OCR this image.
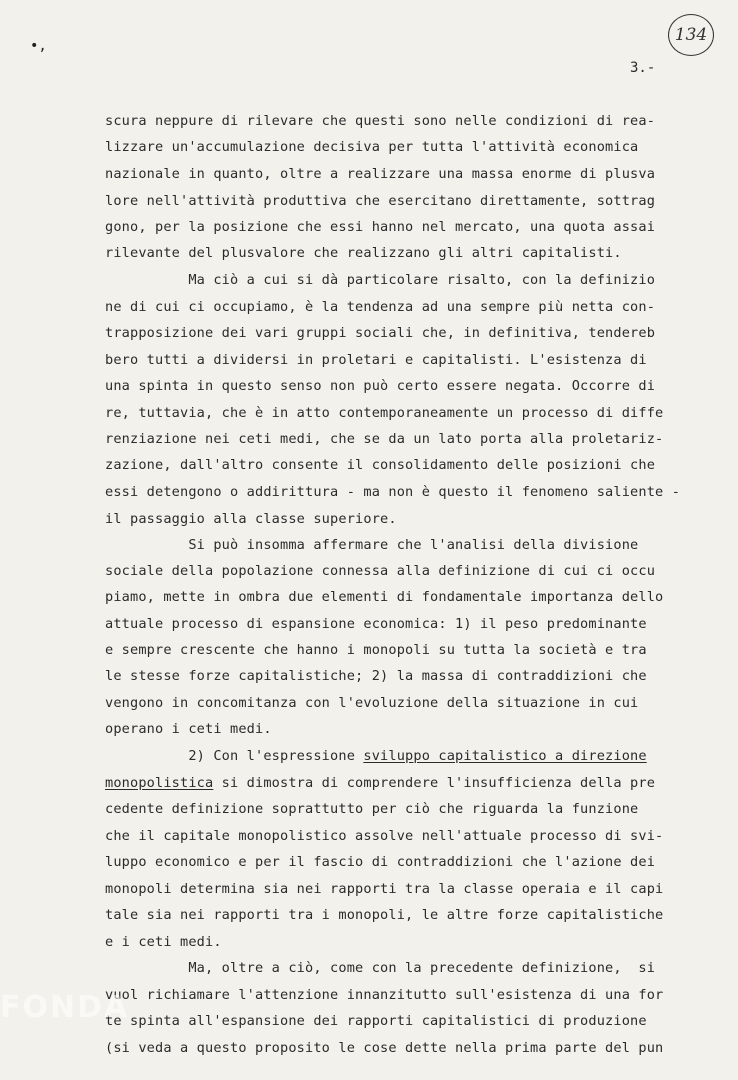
134
•‚
3.-
scura neppure di rilevare che questi sono nelle condizioni di rea-
lizzare un'accumulazione decisiva per tutta l'attività economica
nazionale in quanto, oltre a realizzare una massa enorme di plusva
lore nell'attività produttiva che esercitano direttamente, sottrag
gono, per la posizione che essi hanno nel mercato, una quota assai
rilevante del plusvalore che realizzano gli altri capitalisti.
Ma ciò a cui si dà particolare risalto, con la definizio
ne di cui ci occupiamo, è la tendenza ad una sempre più netta con-
trapposizione dei vari gruppi sociali che, in definitiva, tendereb
bero tutti a dividersi in proletari e capitalisti. L'esistenza di
una spinta in questo senso non può certo essere negata. Occorre di
re, tuttavia, che è in atto contemporaneamente un processo di diffe
renziazione nei ceti medi, che se da un lato porta alla proletariz-
zazione, dall'altro consente il consolidamento delle posizioni che
essi detengono o addirittura - ma non è questo il fenomeno saliente -
il passaggio alla classe superiore.
Si può insomma affermare che l'analisi della divisione
sociale della popolazione connessa alla definizione di cui ci occu
piamo, mette in ombra due elementi di fondamentale importanza dello
attuale processo di espansione economica: 1) il peso predominante
e sempre crescente che hanno i monopoli su tutta la società e tra
le stesse forze capitalistiche; 2) la massa di contraddizioni che
vengono in concomitanza con l'evoluzione della situazione in cui
operano i ceti medi.
2) Con l'espressione sviluppo capitalistico a direzione
monopolistica si dimostra di comprendere l'insufficienza della pre
cedente definizione soprattutto per ciò che riguarda la funzione
che il capitale monopolistico assolve nell'attuale processo di svi-
luppo economico e per il fascio di contraddizioni che l'azione dei
monopoli determina sia nei rapporti tra la classe operaia e il capi
tale sia nei rapporti tra i monopoli, le altre forze capitalistiche
e i ceti medi.
Ma, oltre a ciò, come con la precedente definizione,  si
vuol richiamare l'attenzione innanzitutto sull'esistenza di una for
te spinta all'espansione dei rapporti capitalistici di produzione
(si veda a questo proposito le cose dette nella prima parte del pun
FONDA
